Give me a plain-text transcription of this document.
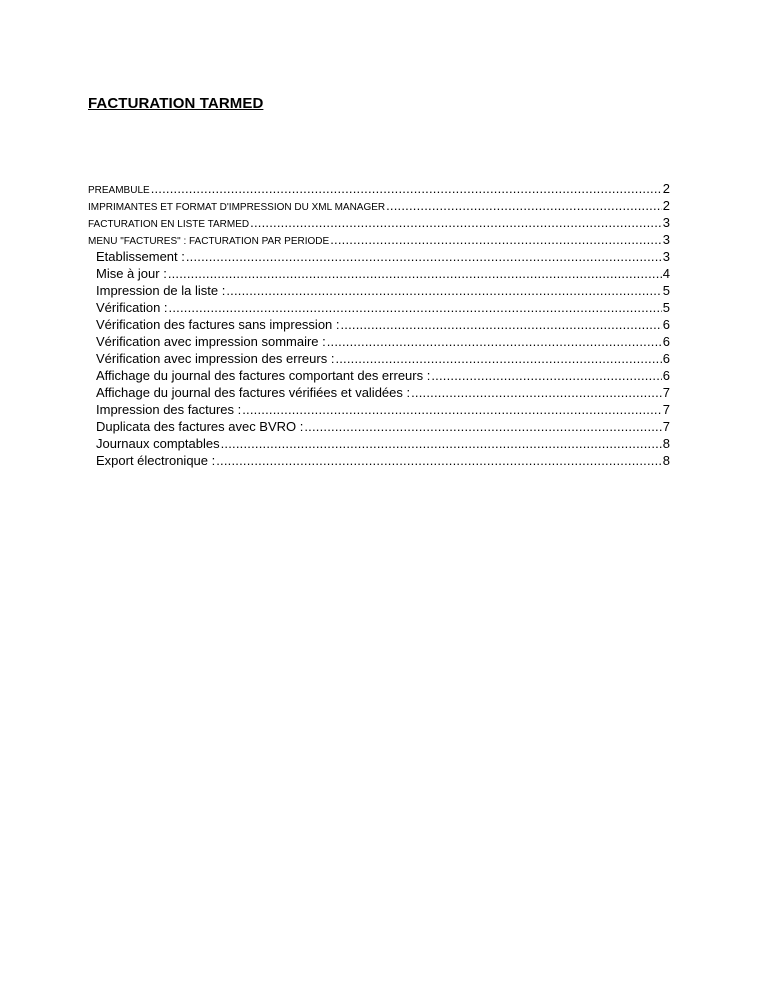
FACTURATION TARMED
PREAMBULE .....	2
IMPRIMANTES ET FORMAT D'IMPRESSION DU XML MANAGER .....	2
FACTURATION EN LISTE TARMED .....	3
MENU "FACTURES" : FACTURATION PAR PERIODE .....	3
Etablissement : .....	3
Mise à jour : .....	4
Impression de la liste : .....	5
Vérification : .....	5
Vérification des factures sans impression : .....	6
Vérification avec impression sommaire : .....	6
Vérification avec impression des erreurs : .....	6
Affichage du journal des factures comportant des erreurs : .....	6
Affichage du journal des factures vérifiées et validées : .....	7
Impression des factures : .....	7
Duplicata des factures avec BVRO : .....	7
Journaux comptables .....	8
Export électronique : .....	8
